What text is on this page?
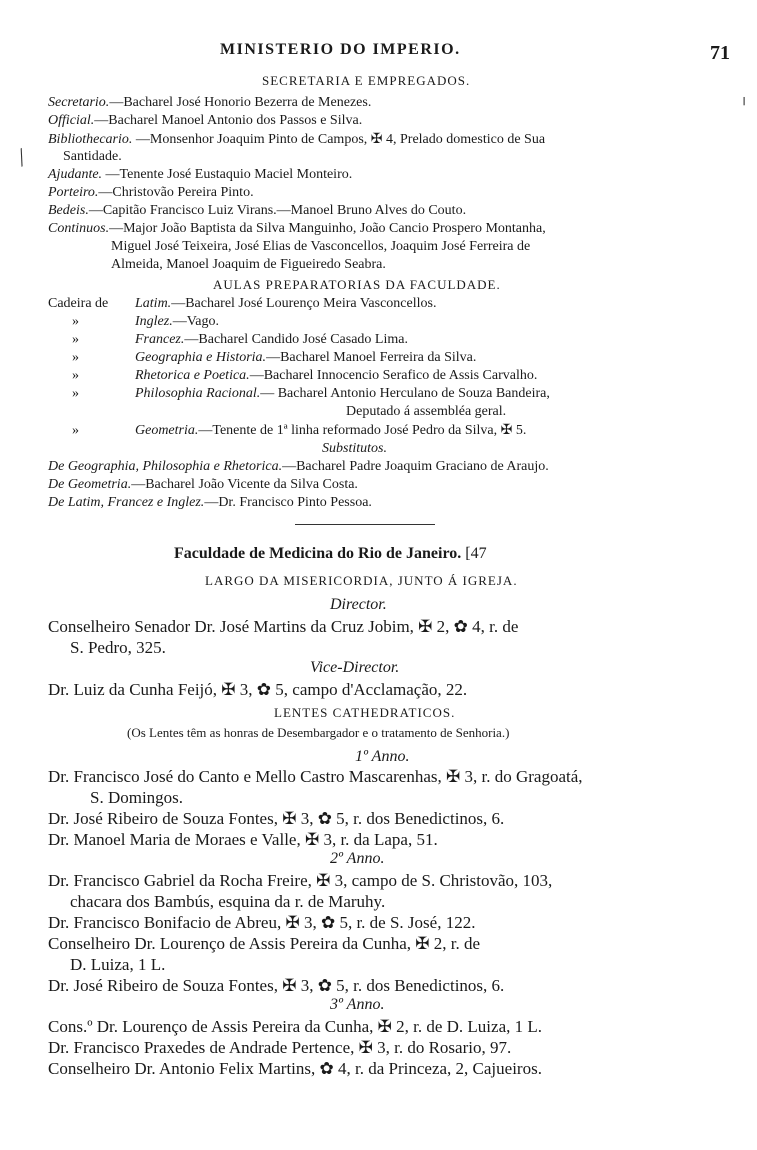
MINISTERIO DO IMPERIO.	71
SECRETARIA E EMPREGADOS.
Secretario.—Bacharel José Honorio Bezerra de Menezes.
Official.—Bacharel Manoel Antonio dos Passos e Silva.
Bibliothecario. —Monsenhor Joaquim Pinto de Campos, ✠ 4, Prelado domestico de Sua
Santidade.
Ajudante. —Tenente José Eustaquio Maciel Monteiro.
Porteiro.—Christovão Pereira Pinto.
Bedeis.—Capitão Francisco Luiz Virans.—Manoel Bruno Alves do Couto.
Continuos.—Major João Baptista da Silva Manguinho, João Cancio Prospero Montanha,
Miguel José Teixeira, José Elias de Vasconcellos, Joaquim José Ferreira de
Almeida, Manoel Joaquim de Figueiredo Seabra.
AULAS PREPARATORIAS DA FACULDADE.
Cadeira de Latim.—Bacharel José Lourenço Meira Vasconcellos.
»	Inglez.—Vago.
»	Francez.—Bacharel Candido José Casado Lima.
»	Geographia e Historia.—Bacharel Manoel Ferreira da Silva.
»	Rhetorica e Poetica.—Bacharel Innocencio Serafico de Assis Carvalho.
»	Philosophia Racional.— Bacharel Antonio Herculano de Souza Bandeira,
Deputado á assembléa geral.
»	Geometria.—Tenente de 1ª linha reformado José Pedro da Silva, ✠ 5.
Substitutos.
De Geographia, Philosophia e Rhetorica.—Bacharel Padre Joaquim Graciano de Araujo.
De Geometria.—Bacharel João Vicente da Silva Costa.
De Latim, Francez e Inglez.—Dr. Francisco Pinto Pessoa.
Faculdade de Medicina do Rio de Janeiro. [47
LARGO DA MISERICORDIA, JUNTO Á IGREJA.
Director.
Conselheiro Senador Dr. José Martins da Cruz Jobim, ✠ 2, ✿ 4, r. de
S. Pedro, 325.
Vice-Director.
Dr. Luiz da Cunha Feijó, ✠ 3, ✿ 5, campo d'Acclamação, 22.
LENTES CATHEDRATICOS.
(Os Lentes têm as honras de Desembargador e o tratamento de Senhoria.)
1º Anno.
Dr. Francisco José do Canto e Mello Castro Mascarenhas, ✠ 3, r. do Gragoatá,
S. Domingos.
Dr. José Ribeiro de Souza Fontes, ✠ 3, ✿ 5, r. dos Benedictinos, 6.
Dr. Manoel Maria de Moraes e Valle, ✠ 3, r. da Lapa, 51.
2º Anno.
Dr. Francisco Gabriel da Rocha Freire, ✠ 3, campo de S. Christovão, 103,
chacara dos Bambús, esquina da r. de Maruhy.
Dr. Francisco Bonifacio de Abreu, ✠ 3, ✿ 5, r. de S. José, 122.
Conselheiro Dr. Lourenço de Assis Pereira da Cunha, ✠ 2, r. de
D. Luiza, 1 L.
Dr. José Ribeiro de Souza Fontes, ✠ 3, ✿ 5, r. dos Benedictinos, 6.
3º Anno.
Cons.º Dr. Lourenço de Assis Pereira da Cunha, ✠ 2, r. de D. Luiza, 1 L.
Dr. Francisco Praxedes de Andrade Pertence, ✠ 3, r. do Rosario, 97.
Conselheiro Dr. Antonio Felix Martins, ✿ 4, r. da Princeza, 2, Cajueiros.
╱
╵
